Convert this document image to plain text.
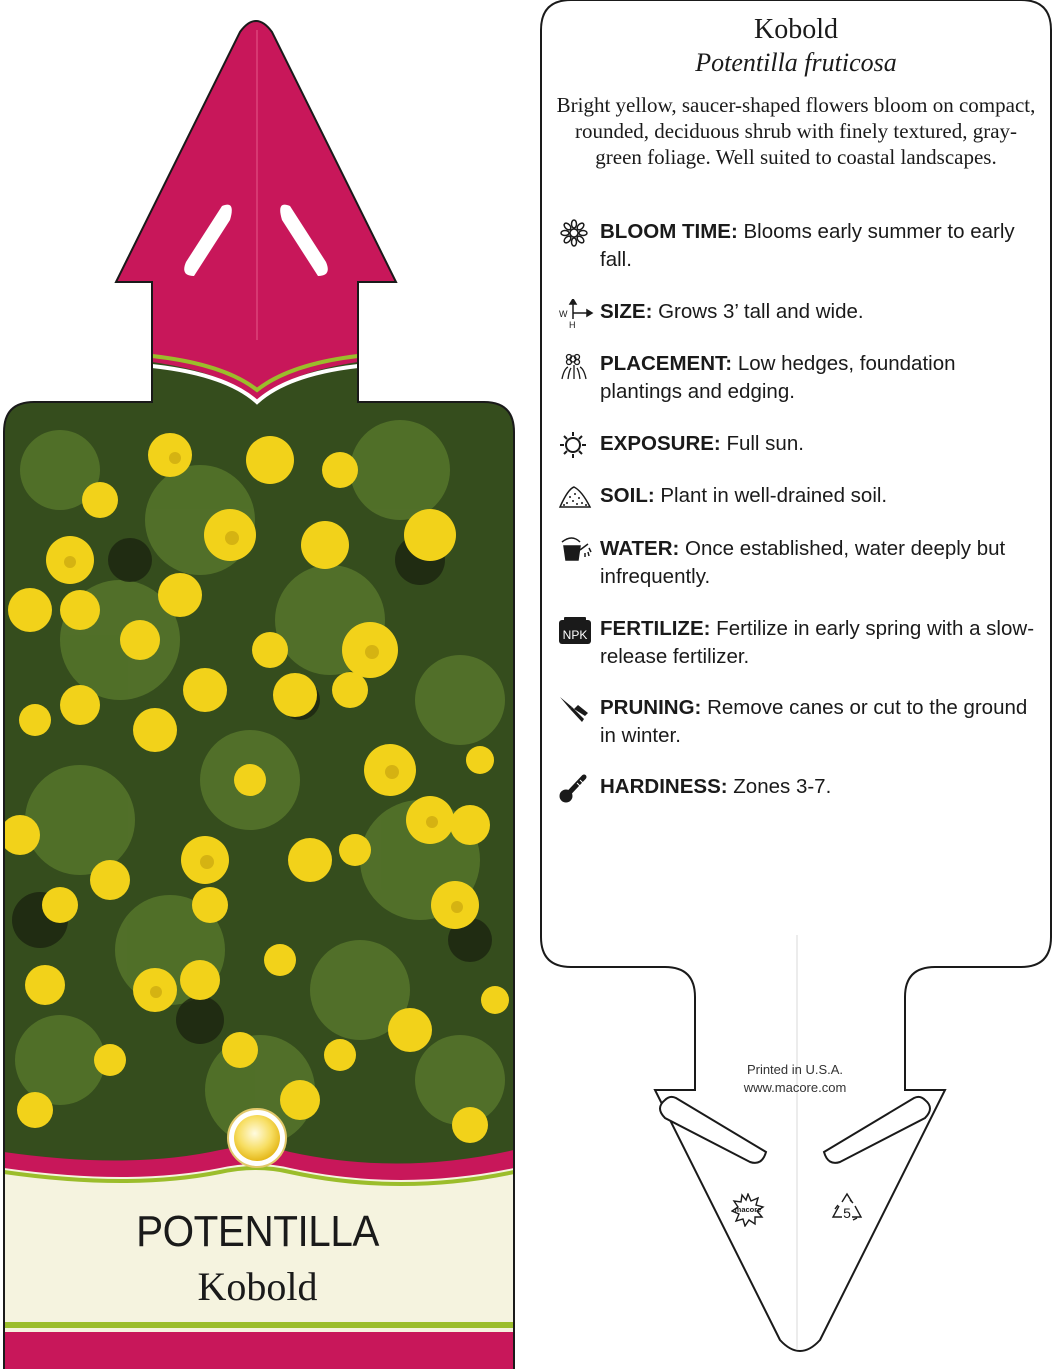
POTENTILLA
Kobold
Kobold
Potentilla fruticosa
Bright yellow, saucer-shaped flowers bloom on compact, rounded, deciduous shrub with finely textured, gray-green foliage. Well suited to coastal landscapes.
BLOOM TIME: Blooms early summer to early fall.
W
H
SIZE: Grows 3’ tall and wide.
PLACEMENT: Low hedges, foundation plantings and edging.
EXPOSURE: Full sun.
SOIL: Plant in well-drained soil.
WATER: Once established, water deeply but infrequently.
NPK FERTILIZE: Fertilize in early spring with a slow-release fertilizer.
PRUNING: Remove canes or cut to the ground in winter.
HARDINESS: Zones 3-7.
Printed in U.S.A.
www.macore.com
macore	5
